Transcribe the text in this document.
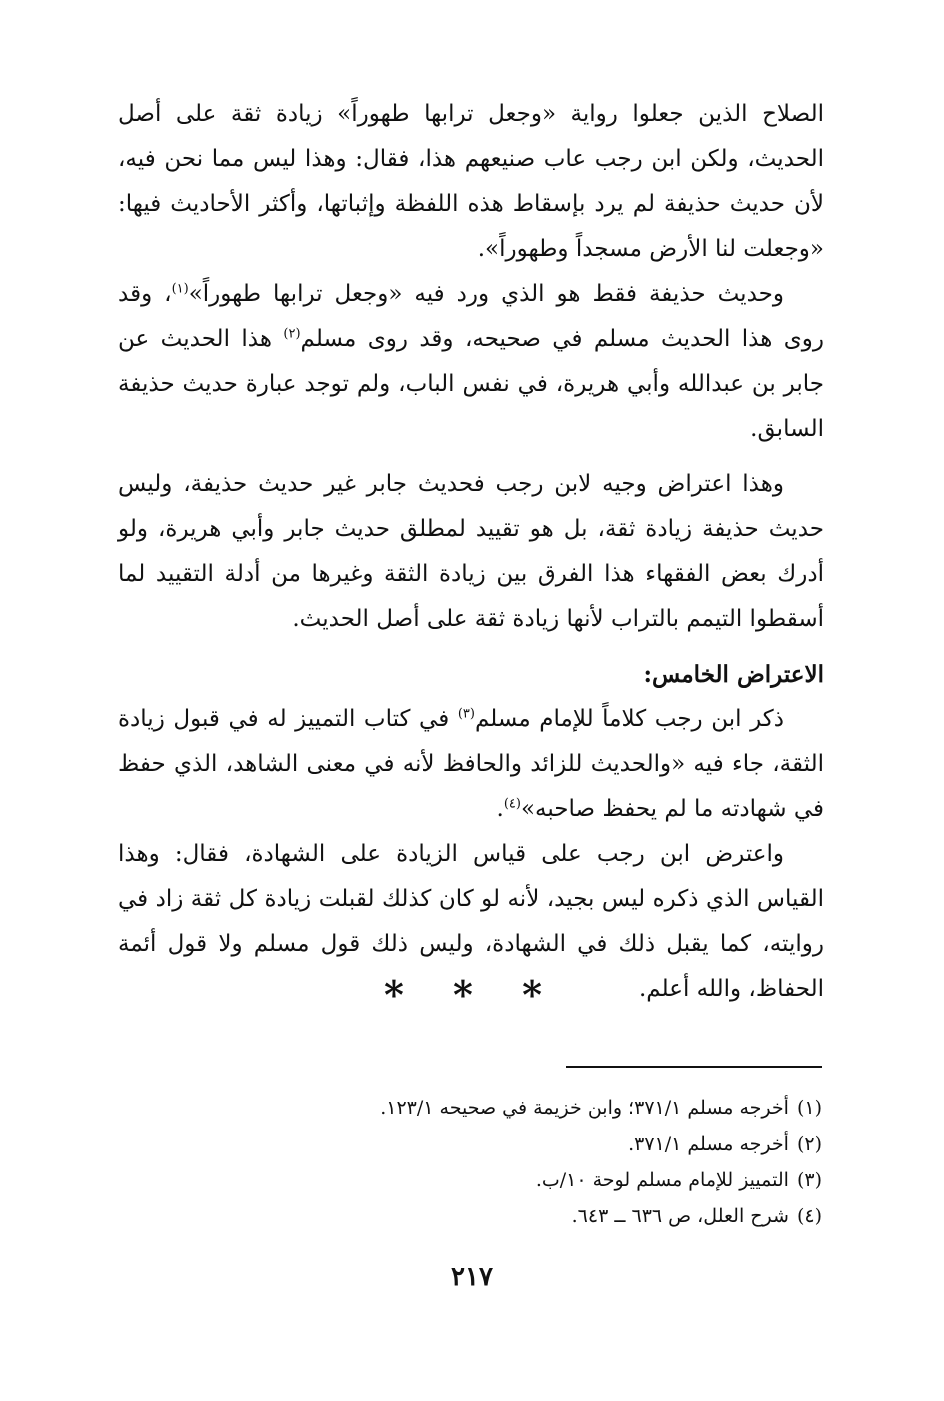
الصلاح الذين جعلوا رواية «وجعل ترابها طهوراً» زيادة ثقة على أصل الحديث، ولكن ابن رجب عاب صنيعهم هذا، فقال: وهذا ليس مما نحن فيه، لأن حديث حذيفة لم يرد بإسقاط هذه اللفظة وإثباتها، وأكثر الأحاديث فيها: «وجعلت لنا الأرض مسجداً وطهوراً».

وحديث حذيفة فقط هو الذي ورد فيه «وجعل ترابها طهوراً»$^{(١)}$، وقد روى هذا الحديث مسلم في صحيحه، وقد روى مسلم$^{(٢)}$ هذا الحديث عن جابر بن عبدالله وأبي هريرة، في نفس الباب، ولم توجد عبارة حديث حذيفة السابق.

وهذا اعتراض وجيه لابن رجب فحديث جابر غير حديث حذيفة، وليس حديث حذيفة زيادة ثقة، بل هو تقييد لمطلق حديث جابر وأبي هريرة، ولو أدرك بعض الفقهاء هذا الفرق بين زيادة الثقة وغيرها من أدلة التقييد لما أسقطوا التيمم بالتراب لأنها زيادة ثقة على أصل الحديث.

الاعتراض الخامس:

ذكر ابن رجب كلاماً للإمام مسلم$^{(٣)}$ في كتاب التمييز له في قبول زيادة الثقة، جاء فيه «والحديث للزائد والحافظ لأنه في معنى الشاهد، الذي حفظ في شهادته ما لم يحفظ صاحبه»$^{(٤)}$.

واعترض ابن رجب على قياس الزيادة على الشهادة، فقال: وهذا القياس الذي ذكره ليس بجيد، لأنه لو كان كذلك لقبلت زيادة كل ثقة زاد في روايته، كما يقبل ذلك في الشهادة، وليس ذلك قول مسلم ولا قول أئمة الحفاظ، والله أعلم.

* * *

(١)أخرجه مسلم ٣٧١/١؛ وابن خزيمة في صحيحه ١٢٣/١.

(٢)أخرجه مسلم ٣٧١/١.

(٣)التمييز للإمام مسلم لوحة ١٠/ب.

(٤)شرح العلل، ص ٦٣٦ ــ ٦٤٣.

٢١٧
